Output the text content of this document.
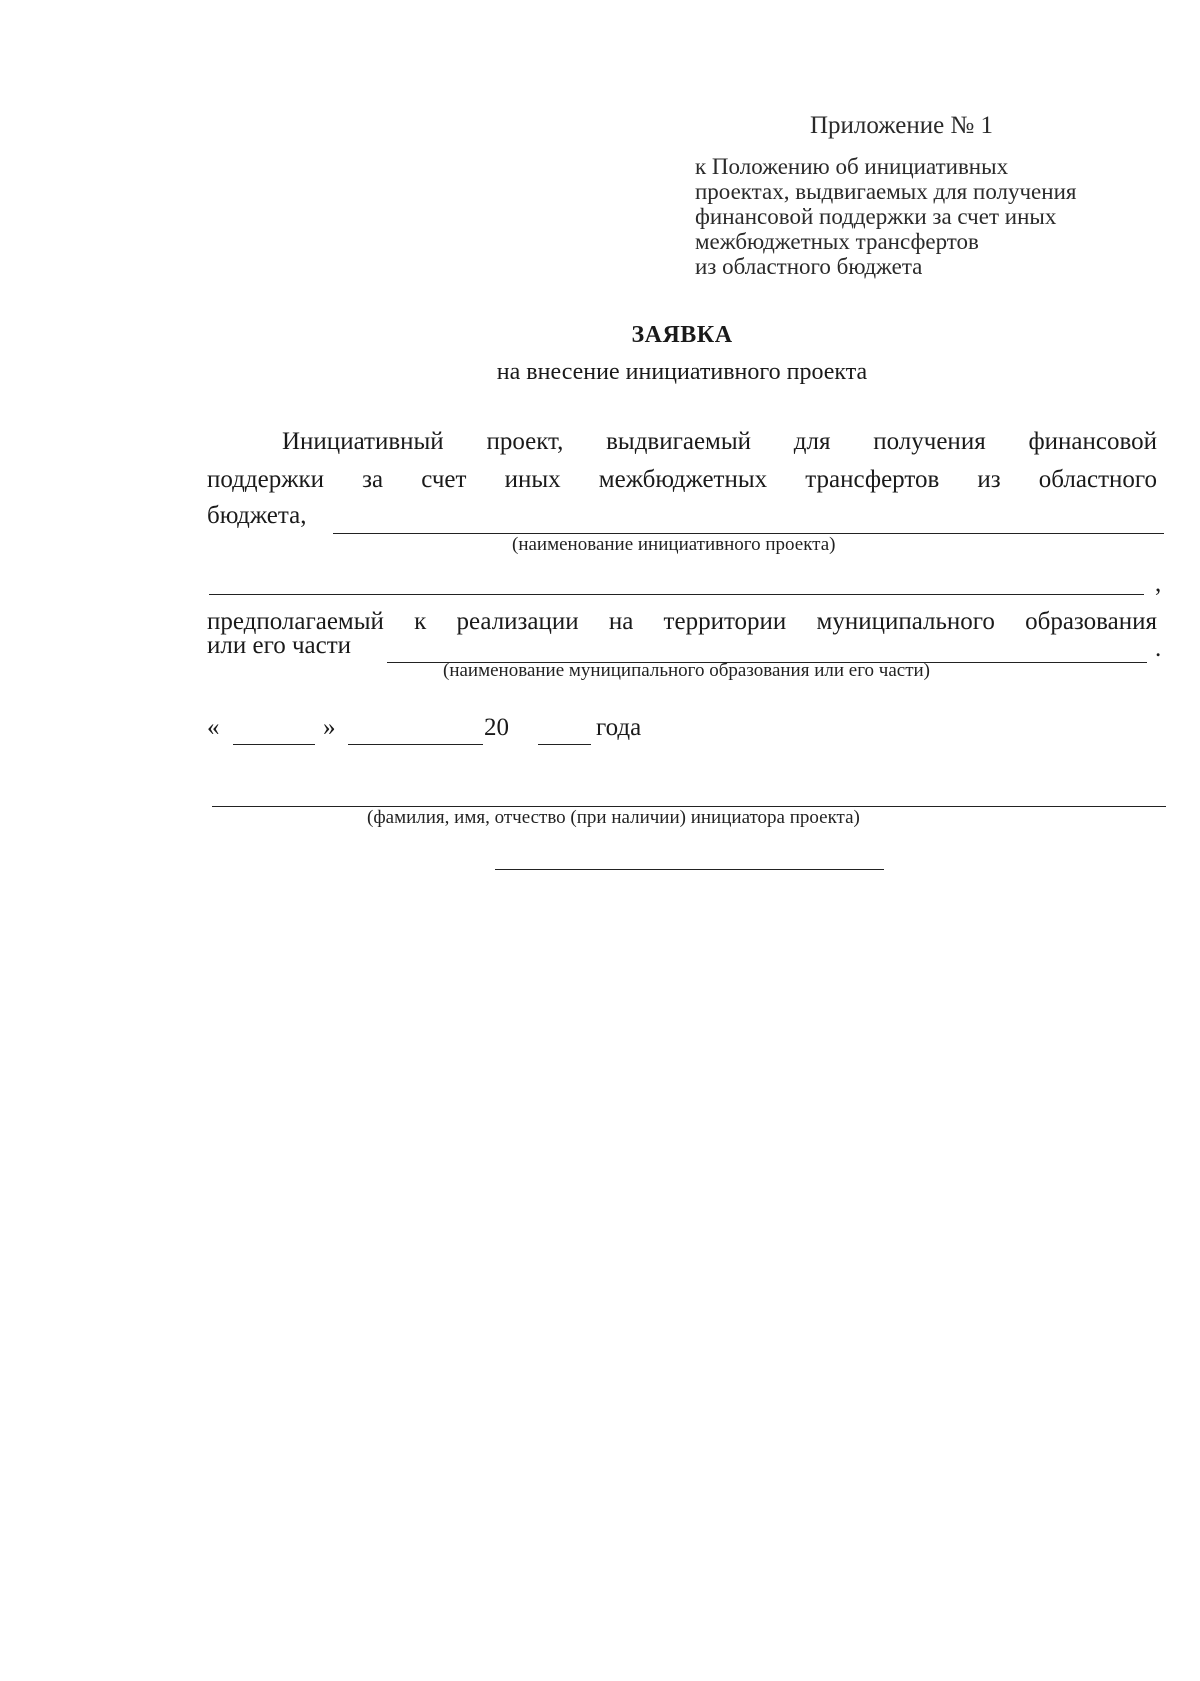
Приложение № 1
к Положению об инициативных
проектах, выдвигаемых для получения
финансовой поддержки за счет иных
межбюджетных трансфертов
из областного бюджета
ЗАЯВКА
на внесение инициативного проекта
Инициативный проект, выдвигаемый для получения финансовой
поддержки за счет иных межбюджетных трансфертов из областного
бюджета,
(наименование инициативного проекта)
,
предполагаемый к реализации на территории муниципального образования
или его части	.
(наименование муниципального образования или его части)
«	»	20	года
(фамилия, имя, отчество (при наличии) инициатора проекта)
